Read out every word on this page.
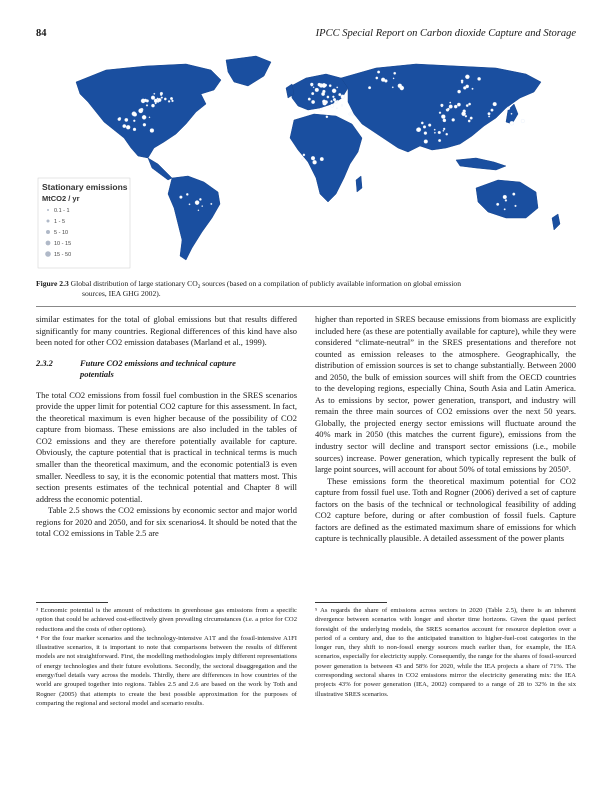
84	IPCC Special Report on Carbon dioxide Capture and Storage
Stationary emissions
MtCO2 / yr
0.1 - 1
1 - 5
5 - 10
10 - 15
15 - 50
Figure 2.3 Global distribution of large stationary $CO_2$ sources (based on a compilation of publicly available information on global emission
sources, IEA GHG 2002).

similar estimates for the total of global emissions but that results differed significantly for many countries. Regional differences of this kind have also been noted for other CO2 emission databases (Marland et al., 1999).

2.3.2	Future CO2 emissions and technical capture
potentials

The total CO2 emissions from fossil fuel combustion in the SRES scenarios provide the upper limit for potential CO2 capture for this assessment. In fact, the theoretical maximum is even higher because of the possibility of CO2 capture from biomass. These emissions are also included in the tables of CO2 emissions and they are therefore potentially available for capture. Obviously, the capture potential that is practical in technical terms is much smaller than the theoretical maximum, and the economic potential3 is even smaller. Needless to say, it is the economic potential that matters most. This section presents estimates of the technical potential and Chapter 8 will address the economic potential.

Table 2.5 shows the CO2 emissions by economic sector and major world regions for 2020 and 2050, and for six scenarios4. It should be noted that the total CO2 emissions in Table 2.5 are

higher than reported in SRES because emissions from biomass are explicitly included here (as these are potentially available for capture), while they were considered “climate-neutral” in the SRES presentations and therefore not counted as emission releases to the atmosphere. Geographically, the distribution of emission sources is set to change substantially. Between 2000 and 2050, the bulk of emission sources will shift from the OECD countries to the developing regions, especially China, South Asia and Latin America. As to emissions by sector, power generation, transport, and industry will remain the three main sources of CO2 emissions over the next 50 years. Globally, the projected energy sector emissions will fluctuate around the 40% mark in 2050 (this matches the current figure), emissions from the industry sector will decline and transport sector emissions (i.e., mobile sources) increase. Power generation, which typically represent the bulk of large point sources, will account for about 50% of total emissions by 2050⁵.

These emissions form the theoretical maximum potential for CO2 capture from fossil fuel use. Toth and Rogner (2006) derived a set of capture factors on the basis of the technical or technological feasibility of adding CO2 capture before, during or after combustion of fossil fuels. Capture factors are defined as the estimated maximum share of emissions for which capture is technically plausible. A detailed assessment of the power plants

³ Economic potential is the amount of reductions in greenhouse gas emissions from a specific option that could be achieved cost-effectively given prevailing circumstances (i.e. a price for CO2 reductions and the costs of other options).

⁴ For the four marker scenarios and the technology-intensive A1T and the fossil-intensive A1FI illustrative scenarios, it is important to note that comparisons between the results of different models are not straightforward. First, the modelling methodologies imply different representations of energy technologies and their future evolutions. Secondly, the sectoral disaggregation and the energy/fuel details vary across the models. Thirdly, there are differences in how countries of the world are grouped together into regions. Tables 2.5 and 2.6 are based on the work by Toth and Rogner (2005) that attempts to create the best possible approximation for the purposes of comparing the regional and sectoral model and scenario results.

⁵ As regards the share of emissions across sectors in 2020 (Table 2.5), there is an inherent divergence between scenarios with longer and shorter time horizons. Given the quasi perfect foresight of the underlying models, the SRES scenarios account for resource depletion over a period of a century and, due to the anticipated transition to higher-fuel-cost categories in the longer run, they shift to non-fossil energy sources much earlier than, for example, the IEA scenarios, especially for electricity supply. Consequently, the range for the shares of fossil-sourced power generation is between 43 and 58% for 2020, while the IEA projects a share of 71%. The corresponding sectoral shares in CO2 emissions mirror the electricity generating mix: the IEA projects 43% for power generation (IEA, 2002) compared to a range of 28 to 32% in the six illustrative SRES scenarios.
